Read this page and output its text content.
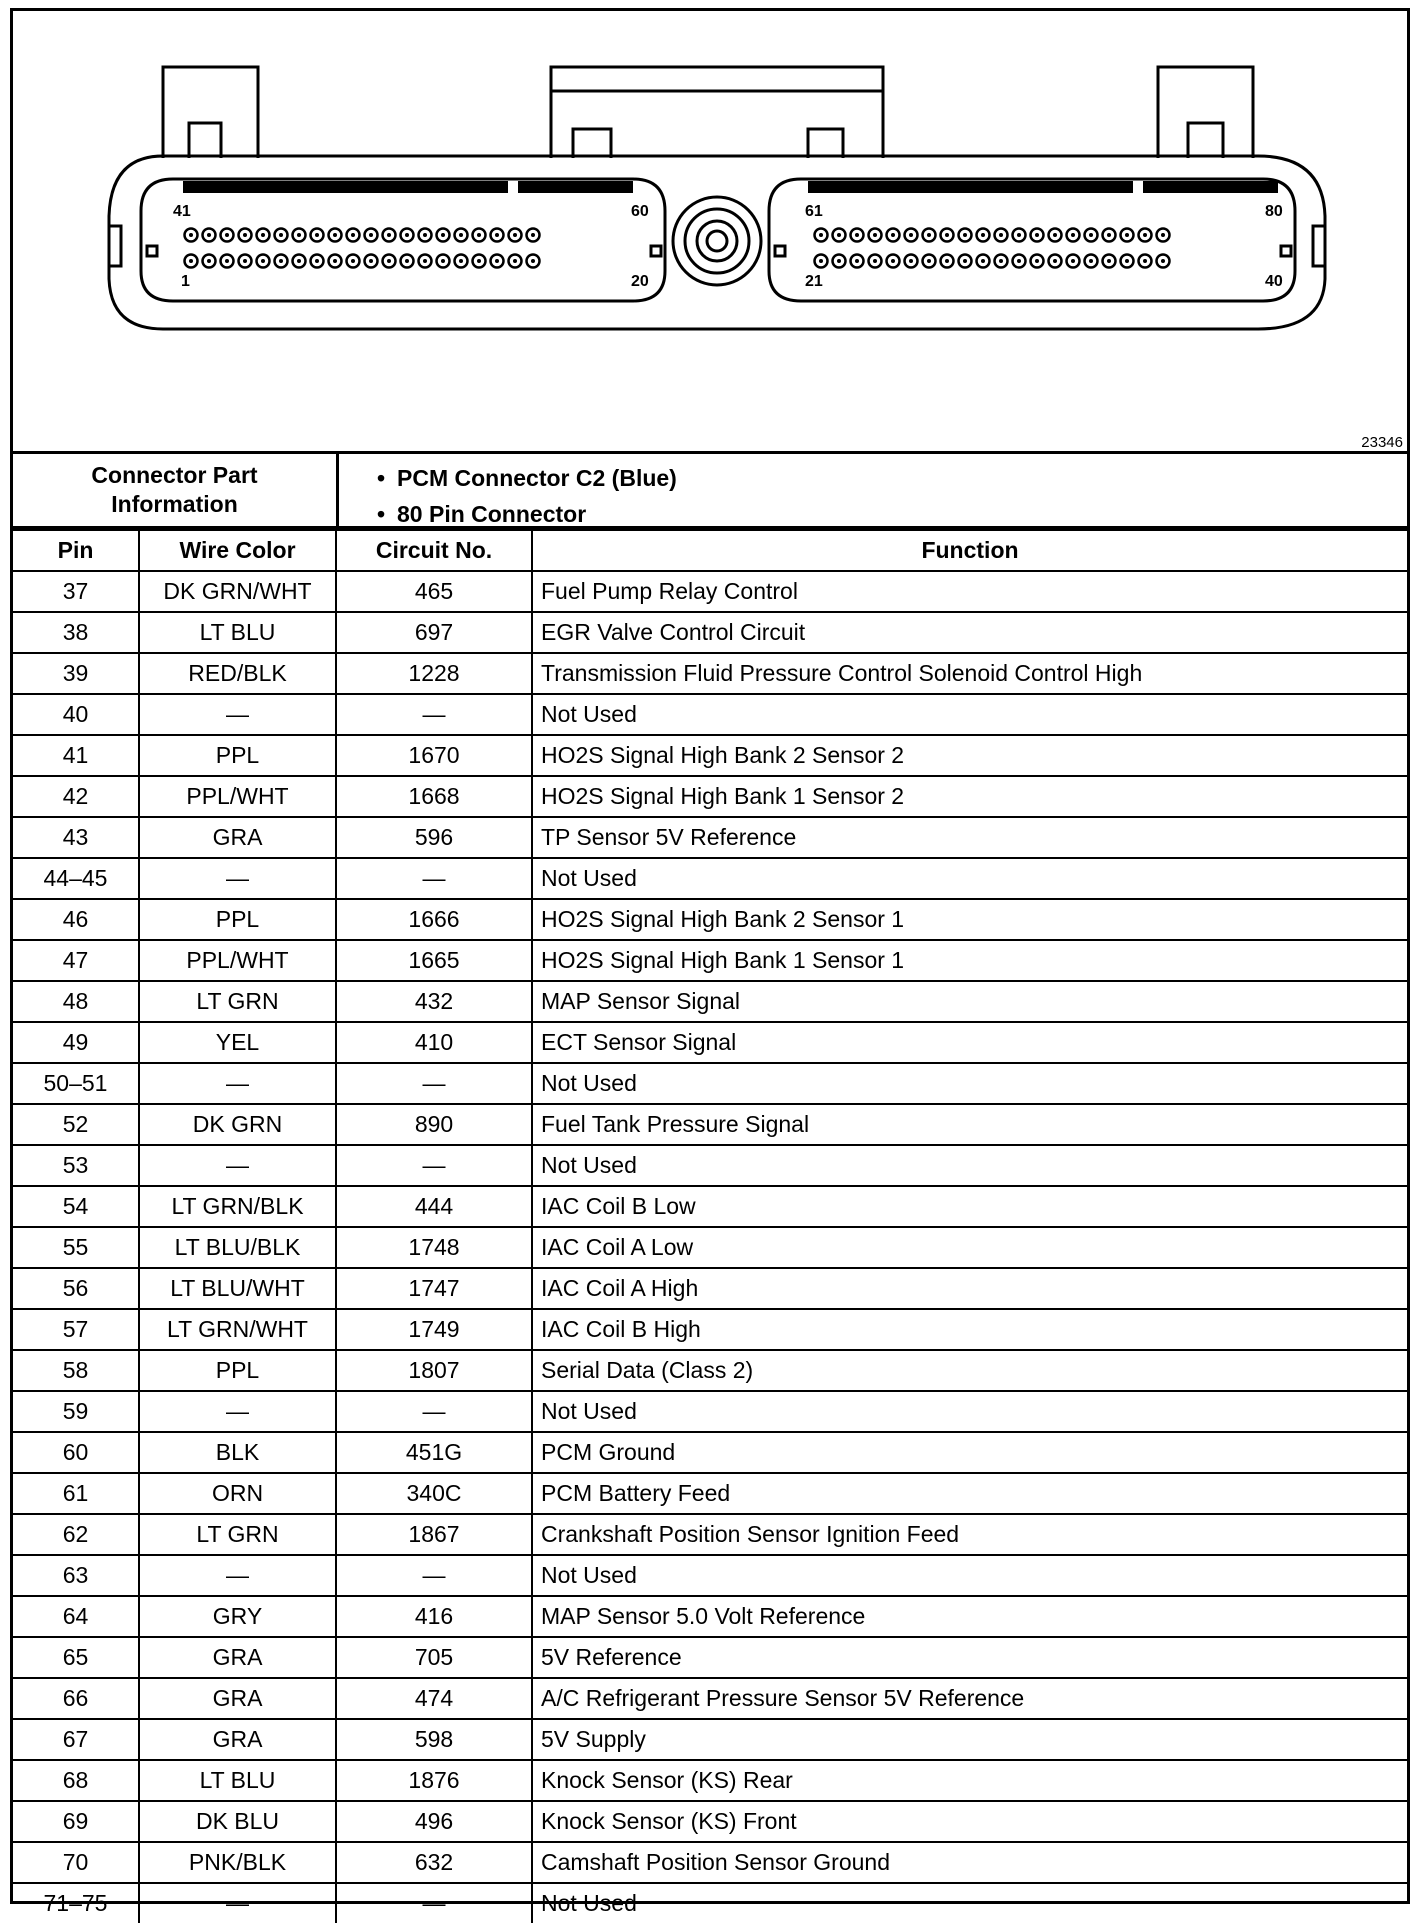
41	60
1	20
61	80
21	40
23346
Connector Part
Information
• PCM Connector C2 (Blue)
• 80 Pin Connector
Pin	Wire Color	Circuit No.	Function
37	DK GRN/WHT	465	Fuel Pump Relay Control
38	LT BLU	697	EGR Valve Control Circuit
39	RED/BLK	1228	Transmission Fluid Pressure Control Solenoid Control High
40	—	—	Not Used
41	PPL	1670	HO2S Signal High Bank 2 Sensor 2
42	PPL/WHT	1668	HO2S Signal High Bank 1 Sensor 2
43	GRA	596	TP Sensor 5V Reference
44–45	—	—	Not Used
46	PPL	1666	HO2S Signal High Bank 2 Sensor 1
47	PPL/WHT	1665	HO2S Signal High Bank 1 Sensor 1
48	LT GRN	432	MAP Sensor Signal
49	YEL	410	ECT Sensor Signal
50–51	—	—	Not Used
52	DK GRN	890	Fuel Tank Pressure Signal
53	—	—	Not Used
54	LT GRN/BLK	444	IAC Coil B Low
55	LT BLU/BLK	1748	IAC Coil A Low
56	LT BLU/WHT	1747	IAC Coil A High
57	LT GRN/WHT	1749	IAC Coil B High
58	PPL	1807	Serial Data (Class 2)
59	—	—	Not Used
60	BLK	451G	PCM Ground
61	ORN	340C	PCM Battery Feed
62	LT GRN	1867	Crankshaft Position Sensor Ignition Feed
63	—	—	Not Used
64	GRY	416	MAP Sensor 5.0 Volt Reference
65	GRA	705	5V Reference
66	GRA	474	A/C Refrigerant Pressure Sensor 5V Reference
67	GRA	598	5V Supply
68	LT BLU	1876	Knock Sensor (KS) Rear
69	DK BLU	496	Knock Sensor (KS) Front
70	PNK/BLK	632	Camshaft Position Sensor Ground
71–75	—	—	Not Used
